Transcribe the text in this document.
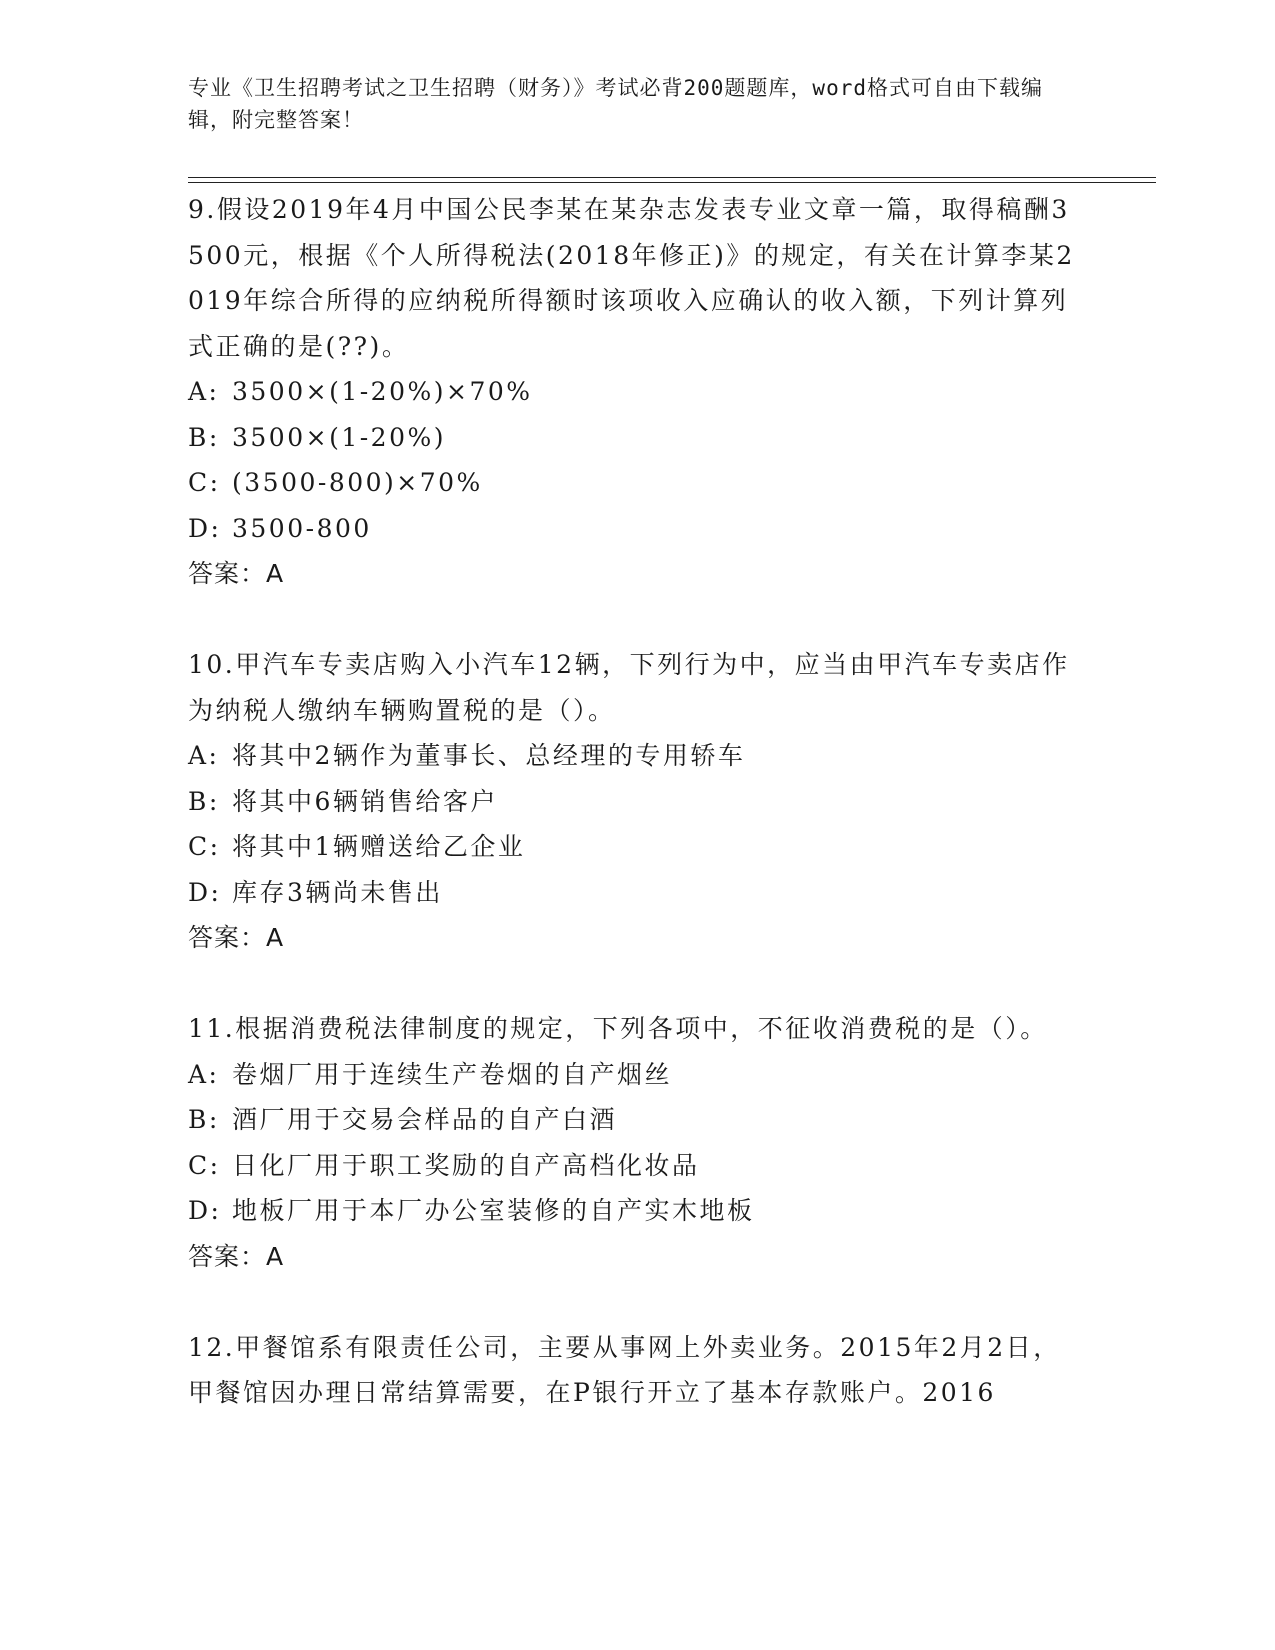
专业《卫生招聘考试之卫生招聘（财务）》考试必背200题题库，word格式可自由下载编辑，附完整答案！

9.假设2019年4月中国公民李某在某杂志发表专业文章一篇，取得稿酬3500元，根据《个人所得税法(2018年修正)》的规定，有关在计算李某2019年综合所得的应纳税所得额时该项收入应确认的收入额，下列计算列式正确的是(??)。

A: 3500×(1-20%)×70%

B: 3500×(1-20%)

C: (3500-800)×70%

D: 3500-800

答案：A

10.甲汽车专卖店购入小汽车12辆，下列行为中，应当由甲汽车专卖店作为纳税人缴纳车辆购置税的是（）。

A: 将其中2辆作为董事长、总经理的专用轿车

B: 将其中6辆销售给客户

C: 将其中1辆赠送给乙企业

D: 库存3辆尚未售出

答案：A

11.根据消费税法律制度的规定，下列各项中，不征收消费税的是（）。

A: 卷烟厂用于连续生产卷烟的自产烟丝

B: 酒厂用于交易会样品的自产白酒

C: 日化厂用于职工奖励的自产高档化妆品

D: 地板厂用于本厂办公室装修的自产实木地板

答案：A

12.甲餐馆系有限责任公司，主要从事网上外卖业务。2015年2月2日，甲餐馆因办理日常结算需要，在P银行开立了基本存款账户。2016
